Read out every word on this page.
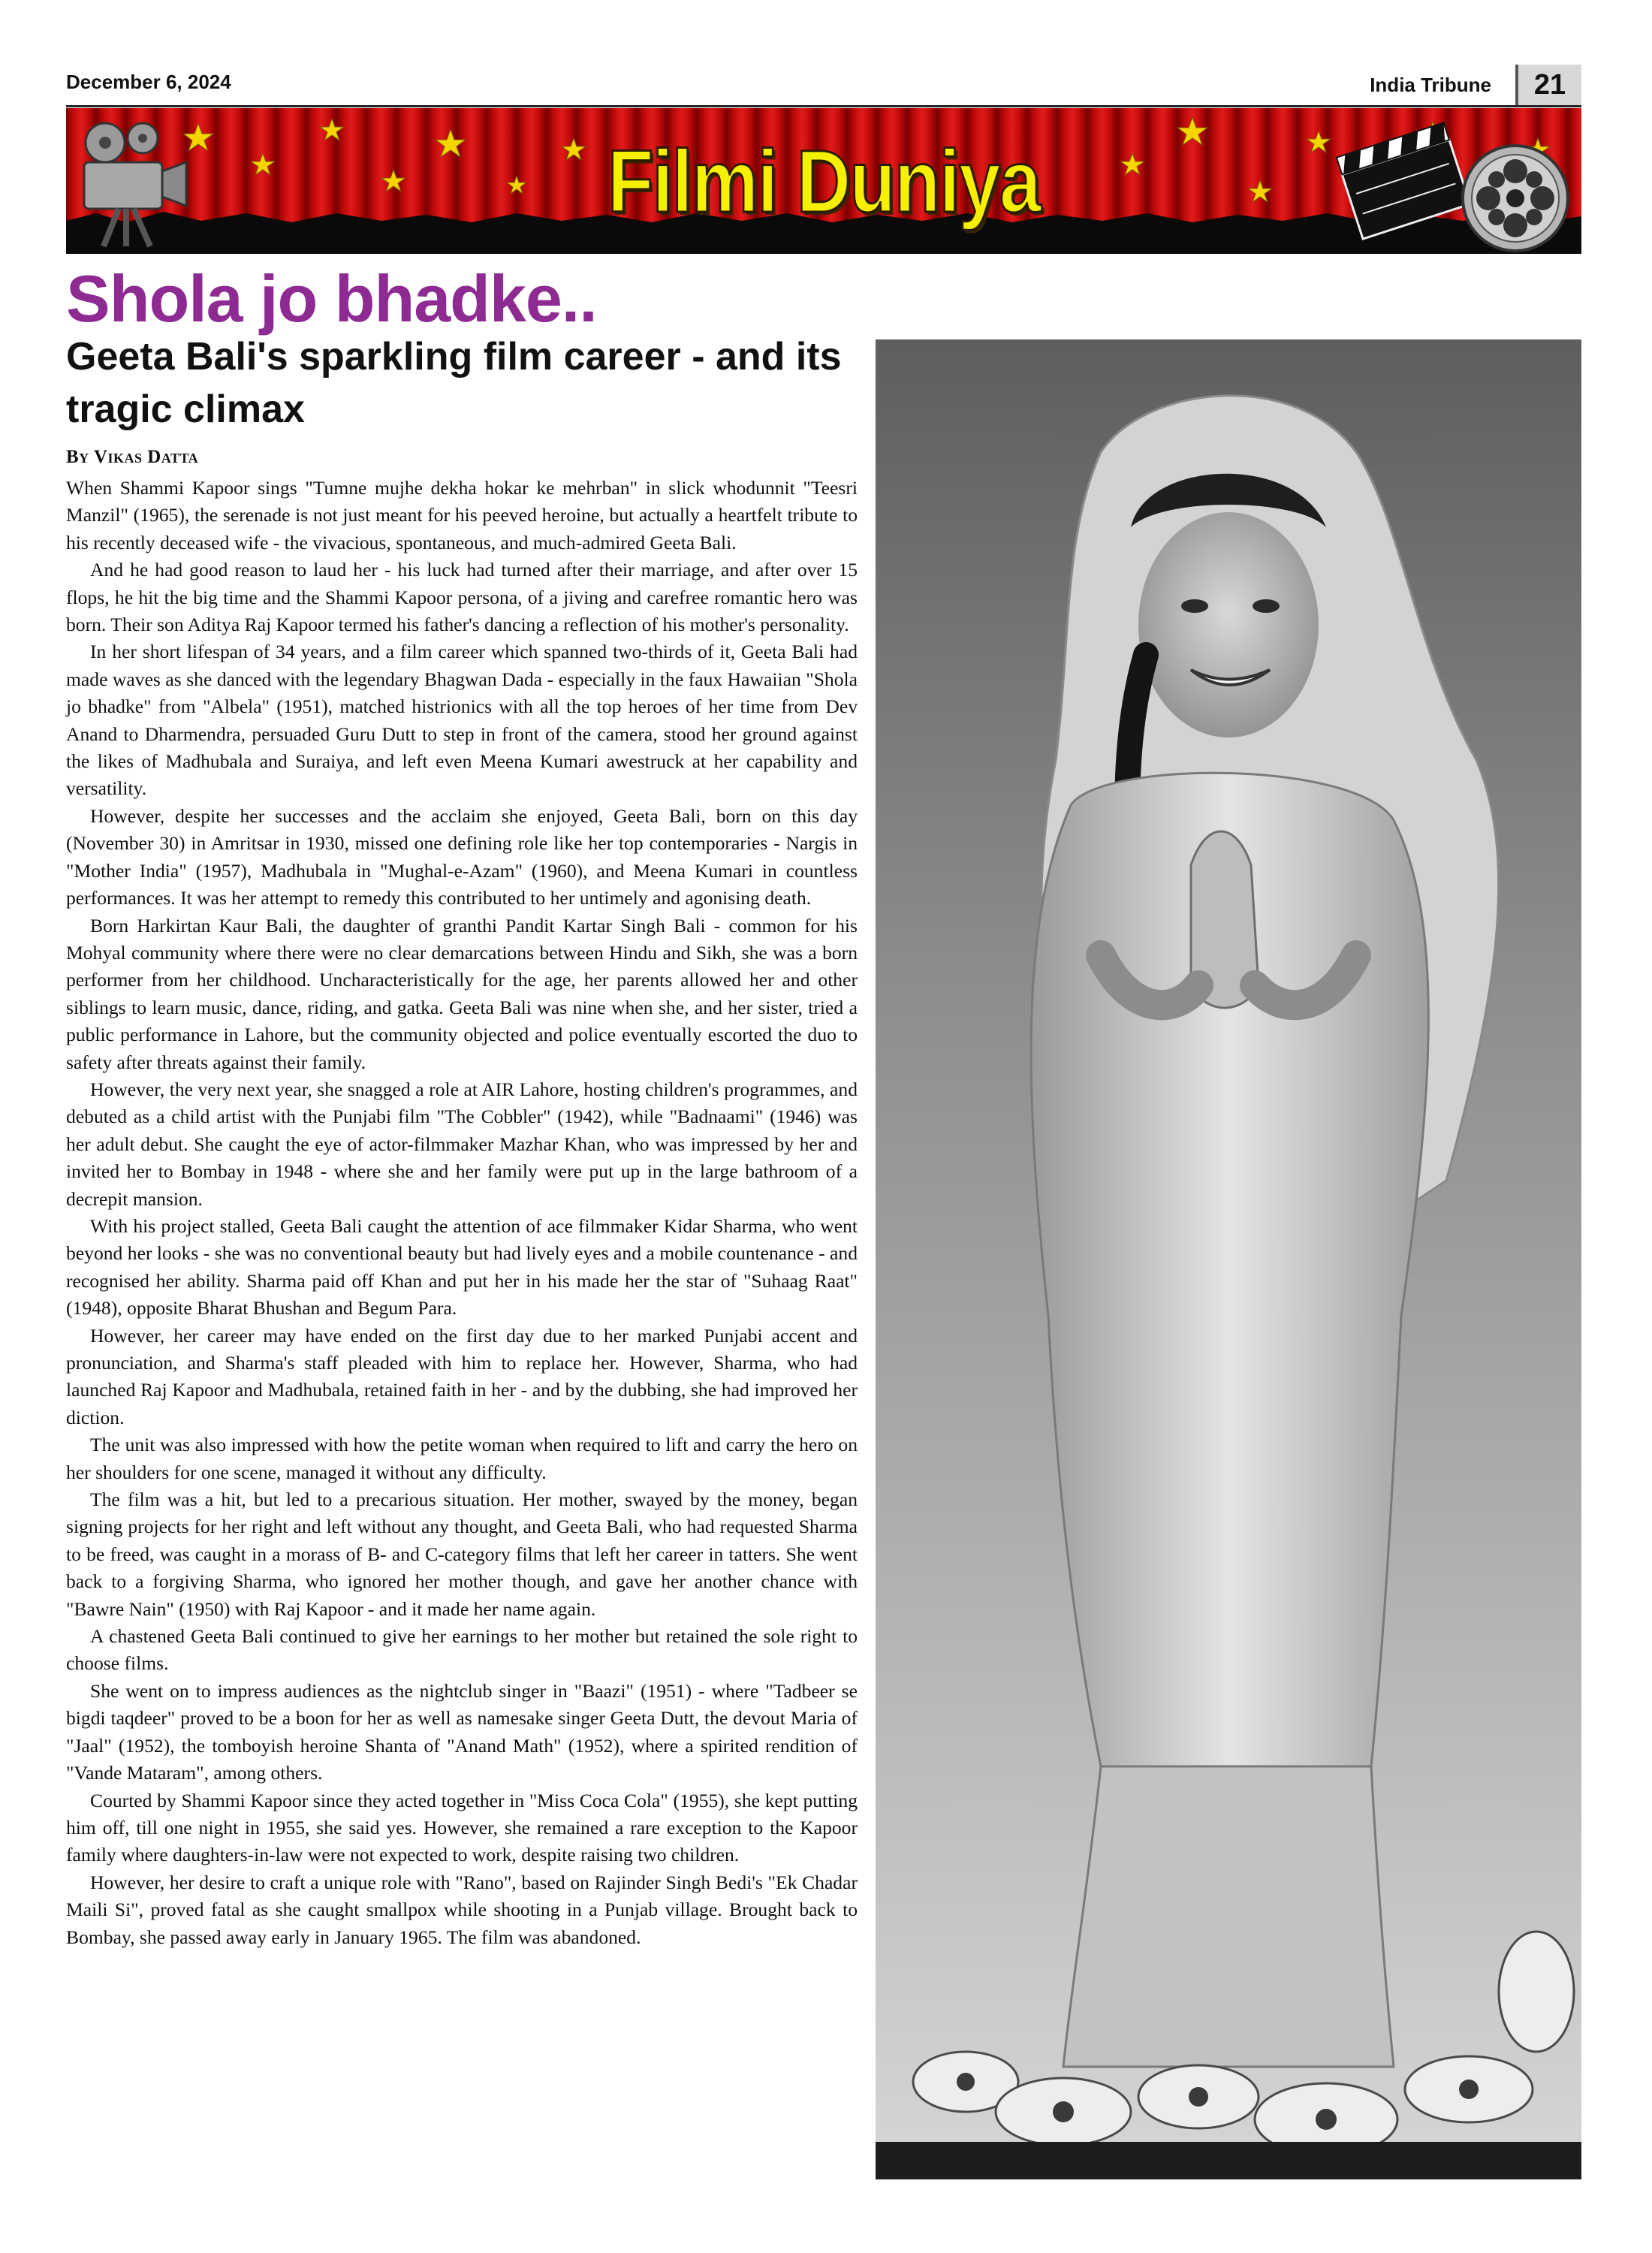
December 6, 2024	India Tribune	21
Filmi Duniya
Shola jo bhadke..
Geeta Bali's sparkling film career - and its tragic climax
By Vikas Datta

When Shammi Kapoor sings "Tumne mujhe dekha hokar ke mehrban" in slick whodunnit "Teesri Manzil" (1965), the serenade is not just meant for his peeved heroine, but actually a heartfelt tribute to his recently deceased wife - the vivacious, spontaneous, and much-admired Geeta Bali.

And he had good reason to laud her - his luck had turned after their marriage, and after over 15 flops, he hit the big time and the Shammi Kapoor persona, of a jiving and carefree romantic hero was born. Their son Aditya Raj Kapoor termed his father's dancing a reflection of his mother's personality.

In her short lifespan of 34 years, and a film career which spanned two-thirds of it, Geeta Bali had made waves as she danced with the legendary Bhagwan Dada - especially in the faux Hawaiian "Shola jo bhadke" from "Albela" (1951), matched histrionics with all the top heroes of her time from Dev Anand to Dharmendra, persuaded Guru Dutt to step in front of the camera, stood her ground against the likes of Madhubala and Suraiya, and left even Meena Kumari awestruck at her capability and versatility.

However, despite her successes and the acclaim she enjoyed, Geeta Bali, born on this day (November 30) in Amritsar in 1930, missed one defining role like her top contemporaries - Nargis in "Mother India" (1957), Madhubala in "Mughal-e-Azam" (1960), and Meena Kumari in countless performances. It was her attempt to remedy this contributed to her untimely and agonising death.

Born Harkirtan Kaur Bali, the daughter of granthi Pandit Kartar Singh Bali - common for his Mohyal community where there were no clear demarcations between Hindu and Sikh, she was a born performer from her childhood. Uncharacteristically for the age, her parents allowed her and other siblings to learn music, dance, riding, and gatka. Geeta Bali was nine when she, and her sister, tried a public performance in Lahore, but the community objected and police eventually escorted the duo to safety after threats against their family.

However, the very next year, she snagged a role at AIR Lahore, hosting children's programmes, and debuted as a child artist with the Punjabi film "The Cobbler" (1942), while "Badnaami" (1946) was her adult debut. She caught the eye of actor-filmmaker Mazhar Khan, who was impressed by her and invited her to Bombay in 1948 - where she and her family were put up in the large bathroom of a decrepit mansion.

With his project stalled, Geeta Bali caught the attention of ace filmmaker Kidar Sharma, who went beyond her looks - she was no conventional beauty but had lively eyes and a mobile countenance - and recognised her ability. Sharma paid off Khan and put her in his made her the star of "Suhaag Raat" (1948), opposite Bharat Bhushan and Begum Para.

However, her career may have ended on the first day due to her marked Punjabi accent and pronunciation, and Sharma's staff pleaded with him to replace her. However, Sharma, who had launched Raj Kapoor and Madhubala, retained faith in her - and by the dubbing, she had improved her diction.

The unit was also impressed with how the petite woman when required to lift and carry the hero on her shoulders for one scene, managed it without any difficulty.

The film was a hit, but led to a precarious situation. Her mother, swayed by the money, began signing projects for her right and left without any thought, and Geeta Bali, who had requested Sharma to be freed, was caught in a morass of B- and C-category films that left her career in tatters. She went back to a forgiving Sharma, who ignored her mother though, and gave her another chance with "Bawre Nain" (1950) with Raj Kapoor - and it made her name again.

A chastened Geeta Bali continued to give her earnings to her mother but retained the sole right to choose films.

She went on to impress audiences as the nightclub singer in "Baazi" (1951) - where "Tadbeer se bigdi taqdeer" proved to be a boon for her as well as namesake singer Geeta Dutt, the devout Maria of "Jaal" (1952), the tomboyish heroine Shanta of "Anand Math" (1952), where a spirited rendition of "Vande Mataram", among others.

Courted by Shammi Kapoor since they acted together in "Miss Coca Cola" (1955), she kept putting him off, till one night in 1955, she said yes. However, she remained a rare exception to the Kapoor family where daughters-in-law were not expected to work, despite raising two children.

However, her desire to craft a unique role with "Rano", based on Rajinder Singh Bedi's "Ek Chadar Maili Si", proved fatal as she caught smallpox while shooting in a Punjab village. Brought back to Bombay, she passed away early in January 1965. The film was abandoned.
